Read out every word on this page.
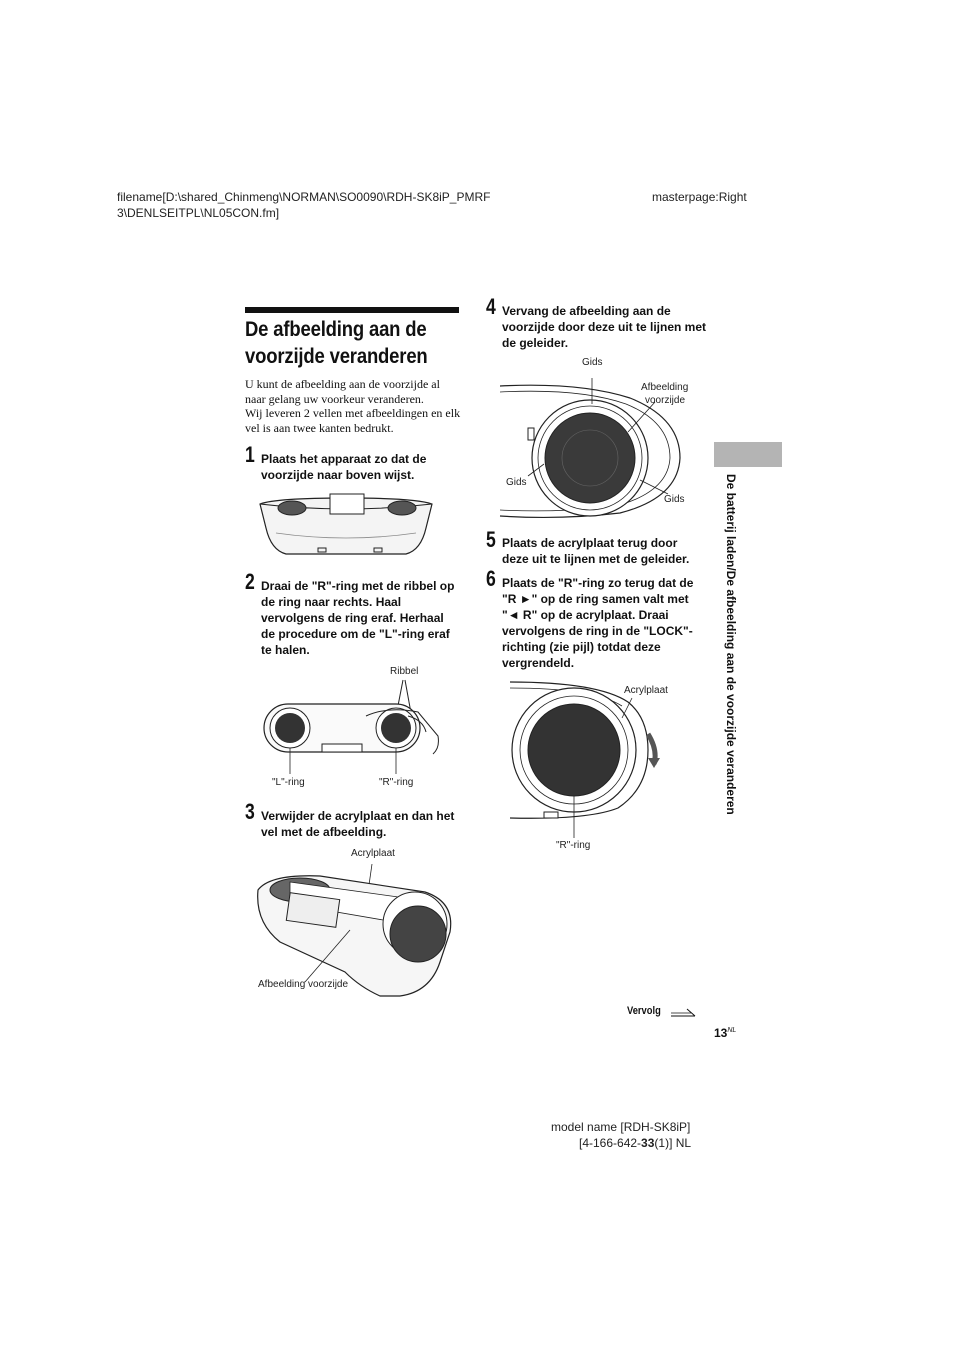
filename[D:\shared_Chinmeng\NORMAN\SO0090\RDH-SK8iP_PMRF
3\DENLSEITPL\NL05CON.fm]
masterpage:Right
De afbeelding aan de voorzijde veranderen

U kunt de afbeelding aan de voorzijde al naar gelang uw voorkeur veranderen.

Wij leveren 2 vellen met afbeeldingen en elk vel is aan twee kanten bedrukt.

1 Plaats het apparaat zo dat de voorzijde naar boven wijst.
2 Draai de "R"-ring met de ribbel op de ring naar rechts. Haal vervolgens de ring eraf. Herhaal de procedure om de "L"-ring eraf te halen.
Ribbel
"L"-ring	"R"-ring
3 Verwijder de acrylplaat en dan het vel met de afbeelding.
Acrylplaat
Afbeelding voorzijde
4 Vervang de afbeelding aan de voorzijde door deze uit te lijnen met de geleider.
Gids
Afbeelding
voorzijde
Gids
Gids
5 Plaats de acrylplaat terug door deze uit te lijnen met de geleider.
6 Plaats de "R"-ring zo terug dat de "R ►" op de ring samen valt met "◄ R" op de acrylplaat. Draai vervolgens de ring in de "LOCK"-richting (zie pijl) totdat deze vergrendeld.
Acrylplaat
"R"-ring
De batterij laden/De afbeelding aan de voorzijde veranderen
Vervolg
$13^{NL}$
model name [RDH-SK8iP]
[4-166-642-33(1)] NL
